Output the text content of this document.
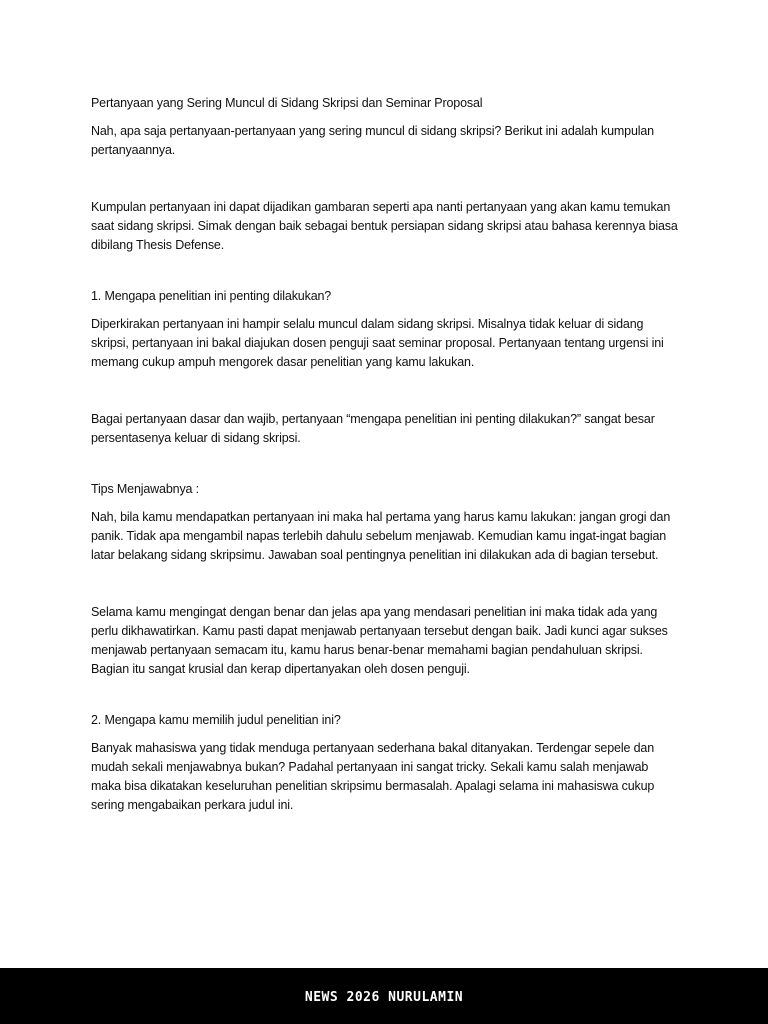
Pertanyaan yang Sering Muncul di Sidang Skripsi dan Seminar Proposal

Nah, apa saja pertanyaan-pertanyaan yang sering muncul di sidang skripsi? Berikut ini adalah kumpulan pertanyaannya.

Kumpulan pertanyaan ini dapat dijadikan gambaran seperti apa nanti pertanyaan yang akan kamu temukan saat sidang skripsi. Simak dengan baik sebagai bentuk persiapan sidang skripsi atau bahasa kerennya biasa dibilang Thesis Defense.

1. Mengapa penelitian ini penting dilakukan?

Diperkirakan pertanyaan ini hampir selalu muncul dalam sidang skripsi. Misalnya tidak keluar di sidang skripsi, pertanyaan ini bakal diajukan dosen penguji saat seminar proposal. Pertanyaan tentang urgensi ini memang cukup ampuh mengorek dasar penelitian yang kamu lakukan.

Bagai pertanyaan dasar dan wajib, pertanyaan “mengapa penelitian ini penting dilakukan?” sangat besar persentasenya keluar di sidang skripsi.

Tips Menjawabnya :

Nah, bila kamu mendapatkan pertanyaan ini maka hal pertama yang harus kamu lakukan: jangan grogi dan panik. Tidak apa mengambil napas terlebih dahulu sebelum menjawab. Kemudian kamu ingat-ingat bagian latar belakang sidang skripsimu. Jawaban soal pentingnya penelitian ini dilakukan ada di bagian tersebut.

Selama kamu mengingat dengan benar dan jelas apa yang mendasari penelitian ini maka tidak ada yang perlu dikhawatirkan. Kamu pasti dapat menjawab pertanyaan tersebut dengan baik. Jadi kunci agar sukses menjawab pertanyaan semacam itu, kamu harus benar-benar memahami bagian pendahuluan skripsi. Bagian itu sangat krusial dan kerap dipertanyakan oleh dosen penguji.

2. Mengapa kamu memilih judul penelitian ini?

Banyak mahasiswa yang tidak menduga pertanyaan sederhana bakal ditanyakan. Terdengar sepele dan mudah sekali menjawabnya bukan? Padahal pertanyaan ini sangat tricky. Sekali kamu salah menjawab maka bisa dikatakan keseluruhan penelitian skripsimu bermasalah. Apalagi selama ini mahasiswa cukup sering mengabaikan perkara judul ini.

NEWS 2026 NURULAMIN
